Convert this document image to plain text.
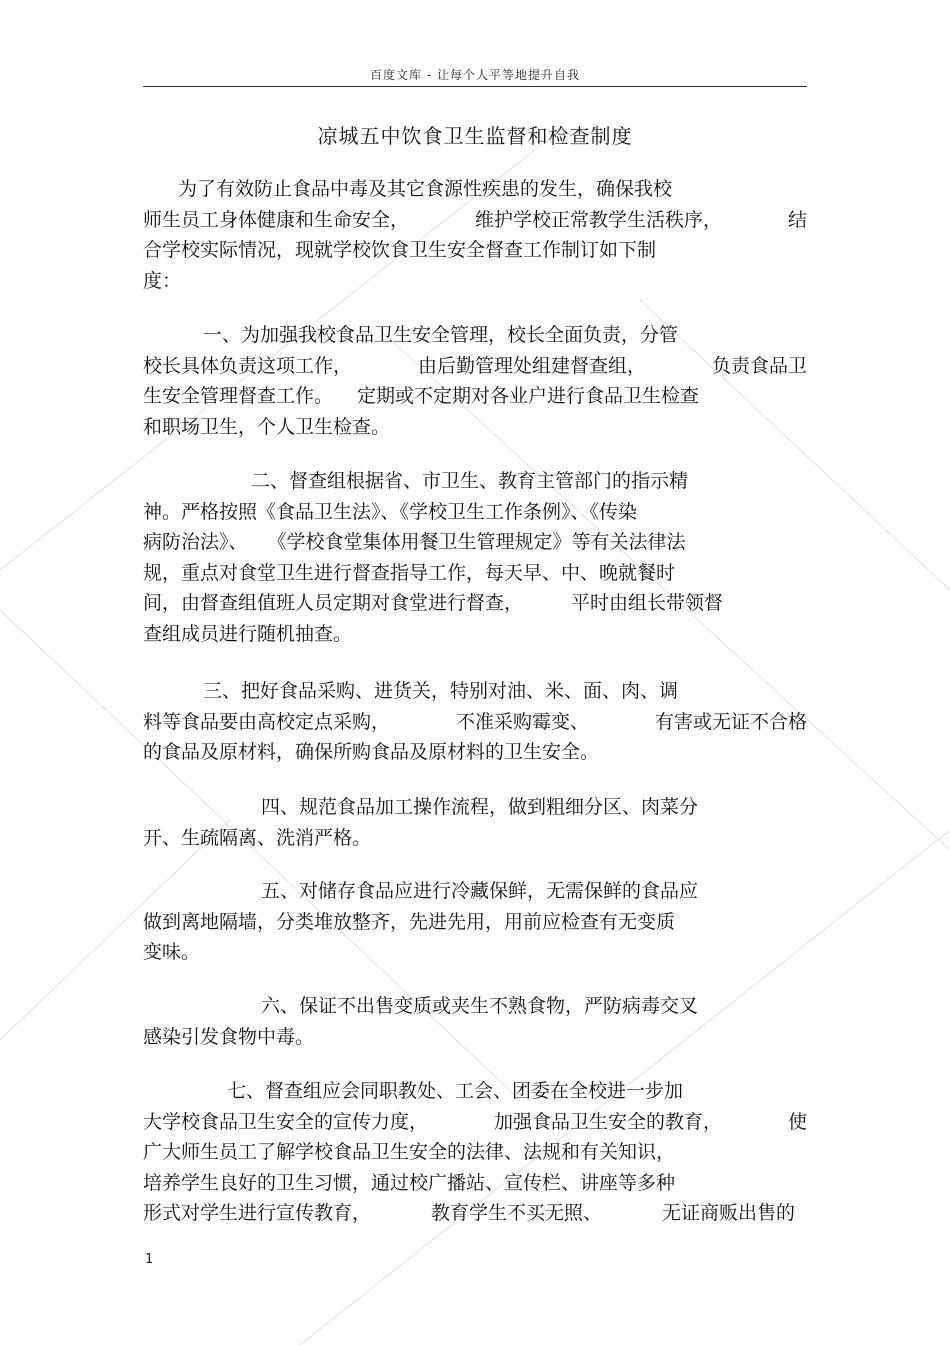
百度文库 - 让每个人平等地提升自我
凉城五中饮食卫生监督和检查制度
为了有效防止食品中毒及其它食源性疾患的发生，确保我校
师生员工身体健康和生命安全，	维护学校正常教学生活秩序，	结
合学校实际情况，现就学校饮食卫生安全督查工作制订如下制
度：
一、为加强我校食品卫生安全管理，校长全面负责，分管
校长具体负责这项工作，	由后勤管理处组建督查组，	负责食品卫
生安全管理督查工作。 定期或不定期对各业户进行食品卫生检查
和职场卫生，个人卫生检查。
二、督查组根据省、市卫生、教育主管部门的指示精
神。严格按照《食品卫生法》、《学校卫生工作条例》、《传染
病防治法》、 《学校食堂集体用餐卫生管理规定》等有关法律法
规，重点对食堂卫生进行督查指导工作，每天早、中、晚就餐时
间，由督查组值班人员定期对食堂进行督查，	平时由组长带领督
查组成员进行随机抽查。
三、把好食品采购、进货关，特别对油、米、面、肉、调
料等食品要由高校定点采购，	不准采购霉变、	有害或无证不合格
的食品及原材料，确保所购食品及原材料的卫生安全。
四、规范食品加工操作流程，做到粗细分区、肉菜分
开、生疏隔离、洗消严格。
五、对储存食品应进行冷藏保鲜，无需保鲜的食品应
做到离地隔墙，分类堆放整齐，先进先用，用前应检查有无变质
变味。
六、保证不出售变质或夹生不熟食物，严防病毒交叉
感染引发食物中毒。
七、督查组应会同职教处、工会、团委在全校进一步加
大学校食品卫生安全的宣传力度，	加强食品卫生安全的教育，	使
广大师生员工了解学校食品卫生安全的法律、法规和有关知识，
培养学生良好的卫生习惯，通过校广播站、宣传栏、讲座等多种
形式对学生进行宣传教育，	教育学生不买无照、	无证商贩出售的
1
